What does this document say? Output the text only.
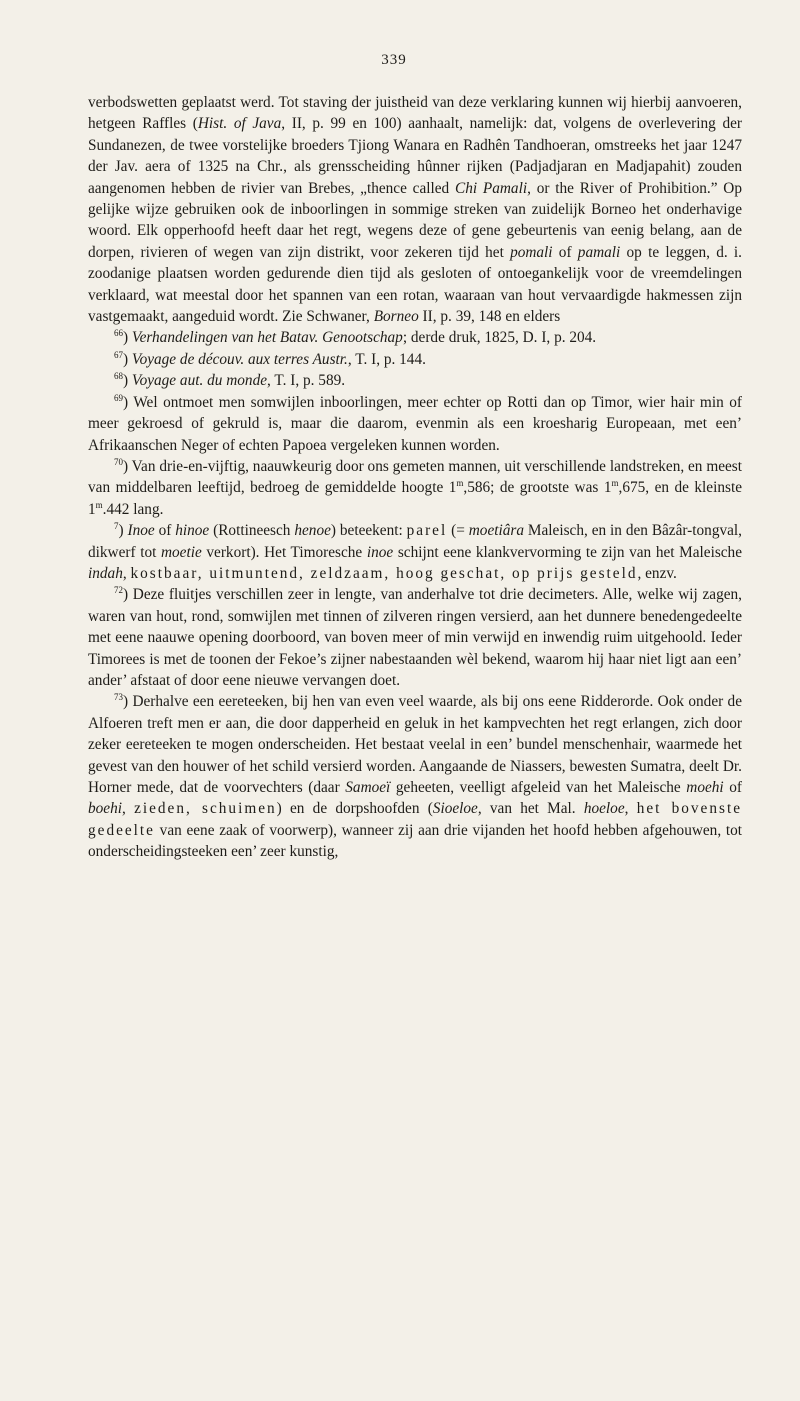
339

verbodswetten geplaatst werd. Tot staving der juistheid van deze verklaring kunnen wij hierbij aanvoeren, hetgeen Raffles (Hist. of Java, II, p. 99 en 100) aanhaalt, namelijk: dat, volgens de overlevering der Sundanezen, de twee vorstelijke broeders Tjiong Wanara en Radhên Tandhoeran, omstreeks het jaar 1247 der Jav. aera of 1325 na Chr., als grensscheiding hûnner rijken (Padjadjaran en Madjapahit) zouden aangenomen hebben de rivier van Brebes, „thence called Chi Pamali, or the River of Prohibition.” Op gelijke wijze gebruiken ook de inboorlingen in sommige streken van zuidelijk Borneo het onderhavige woord. Elk opperhoofd heeft daar het regt, wegens deze of gene gebeurtenis van eenig belang, aan de dorpen, rivieren of wegen van zijn distrikt, voor zekeren tijd het pomali of pamali op te leggen, d. i. zoodanige plaatsen worden gedurende dien tijd als gesloten of ontoegankelijk voor de vreemdelingen verklaard, wat meestal door het spannen van een rotan, waaraan van hout vervaardigde hakmessen zijn vastgemaakt, aangeduid wordt. Zie Schwaner, Borneo II, p. 39, 148 en elders

$^{66}$) Verhandelingen van het Batav. Genootschap; derde druk, 1825, D. I, p. 204.

$^{67}$) Voyage de découv. aux terres Austr., T. I, p. 144.

$^{68}$) Voyage aut. du monde, T. I, p. 589.

$^{69}$) Wel ontmoet men somwijlen inboorlingen, meer echter op Rotti dan op Timor, wier hair min of meer gekroesd of gekruld is, maar die daarom, evenmin als een kroesharig Europeaan, met een’ Afrikaanschen Neger of echten Papoea vergeleken kunnen worden.

$^{70}$) Van drie-en-vijftig, naauwkeurig door ons gemeten mannen, uit verschillende landstreken, en meest van middelbaren leeftijd, bedroeg de gemiddelde hoogte 1$^m$,586; de grootste was 1$^m$,675, en de kleinste 1$^m$.442 lang.

$^7$) Inoe of hinoe (Rottineesch henoe) beteekent: parel (= moetiâra Maleisch, en in den Bâzâr-tongval, dikwerf tot moetie verkort). Het Timoresche inoe schijnt eene klankvervorming te zijn van het Maleische indah, kostbaar, uitmuntend, zeldzaam, hoog geschat, op prijs gesteld, enzv.

$^{72}$) Deze fluitjes verschillen zeer in lengte, van anderhalve tot drie decimeters. Alle, welke wij zagen, waren van hout, rond, somwijlen met tinnen of zilveren ringen versierd, aan het dunnere benedengedeelte met eene naauwe opening doorboord, van boven meer of min verwijd en inwendig ruim uitgehoold. Ieder Timorees is met de toonen der Fekoe’s zijner nabestaanden wèl bekend, waarom hij haar niet ligt aan een’ ander’ afstaat of door eene nieuwe vervangen doet.

$^{73}$) Derhalve een eereteeken, bij hen van even veel waarde, als bij ons eene Ridderorde. Ook onder de Alfoeren treft men er aan, die door dapperheid en geluk in het kampvechten het regt erlangen, zich door zeker eereteeken te mogen onderscheiden. Het bestaat veelal in een’ bundel menschenhair, waarmede het gevest van den houwer of het schild versierd worden. Aangaande de Niassers, bewesten Sumatra, deelt Dr. Horner mede, dat de voorvechters (daar Samoeï geheeten, veelligt afgeleid van het Maleische moehi of boehi, zieden, schuimen) en de dorpshoofden (Sioeloe, van het Mal. hoeloe, het bovenste gedeelte van eene zaak of voorwerp), wanneer zij aan drie vijanden het hoofd hebben afgehouwen, tot onderscheidingsteeken een’ zeer kunstig,
